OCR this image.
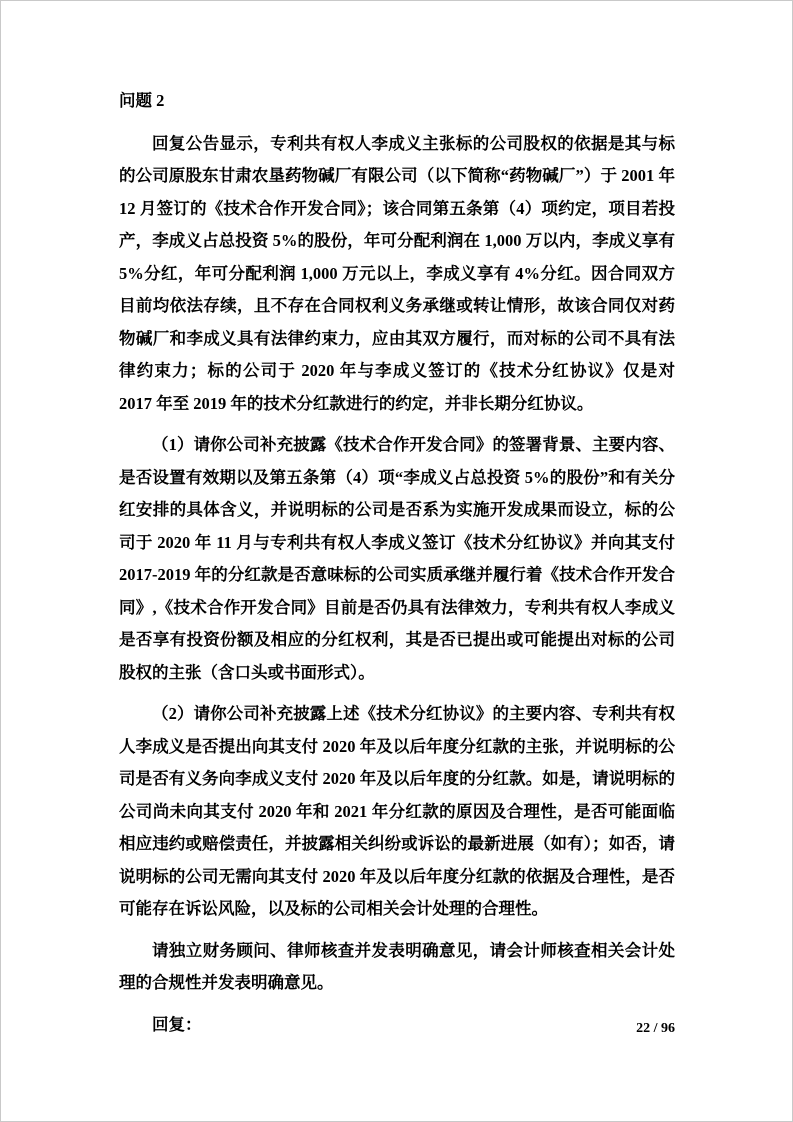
问题 2

回复公告显示，专利共有权人李成义主张标的公司股权的依据是其与标的公司原股东甘肃农垦药物碱厂有限公司（以下简称“药物碱厂”）于 2001 年 12 月签订的《技术合作开发合同》；该合同第五条第（4）项约定，项目若投产，李成义占总投资 5%的股份，年可分配利润在 1,000 万以内，李成义享有 5%分红，年可分配利润 1,000 万元以上，李成义享有 4%分红。因合同双方目前均依法存续，且不存在合同权利义务承继或转让情形，故该合同仅对药物碱厂和李成义具有法律约束力，应由其双方履行，而对标的公司不具有法律约束力；标的公司于 2020 年与李成义签订的《技术分红协议》仅是对 2017 年至 2019 年的技术分红款进行的约定，并非长期分红协议。

（1）请你公司补充披露《技术合作开发合同》的签署背景、主要内容、是否设置有效期以及第五条第（4）项“李成义占总投资 5%的股份”和有关分红安排的具体含义，并说明标的公司是否系为实施开发成果而设立，标的公司于 2020 年 11 月与专利共有权人李成义签订《技术分红协议》并向其支付 2017-2019 年的分红款是否意味标的公司实质承继并履行着《技术合作开发合同》,《技术合作开发合同》目前是否仍具有法律效力，专利共有权人李成义是否享有投资份额及相应的分红权利，其是否已提出或可能提出对标的公司股权的主张（含口头或书面形式）。

（2）请你公司补充披露上述《技术分红协议》的主要内容、专利共有权人李成义是否提出向其支付 2020 年及以后年度分红款的主张，并说明标的公司是否有义务向李成义支付 2020 年及以后年度的分红款。如是，请说明标的公司尚未向其支付 2020 年和 2021 年分红款的原因及合理性，是否可能面临相应违约或赔偿责任，并披露相关纠纷或诉讼的最新进展（如有）；如否，请说明标的公司无需向其支付 2020 年及以后年度分红款的依据及合理性，是否可能存在诉讼风险，以及标的公司相关会计处理的合理性。

请独立财务顾问、律师核查并发表明确意见，请会计师核查相关会计处理的合规性并发表明确意见。

回复：	22 / 96
